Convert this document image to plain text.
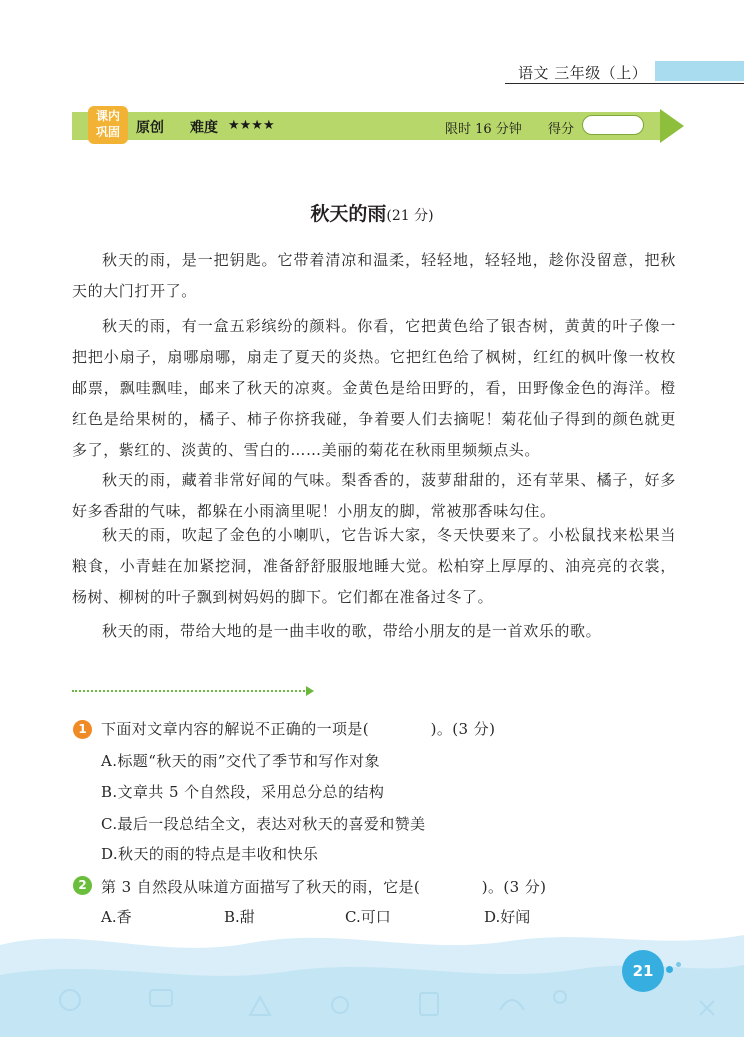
语文 三年级（上）
课内
巩固	原创 难度 ★★★★	限时 16 分钟 得分
秋天的雨(21 分)
秋天的雨，是一把钥匙。它带着清凉和温柔，轻轻地，轻轻地，趁你没留意，把秋天的大门打开了。
秋天的雨，有一盒五彩缤纷的颜料。你看，它把黄色给了银杏树，黄黄的叶子像一把把小扇子，扇哪扇哪，扇走了夏天的炎热。它把红色给了枫树，红红的枫叶像一枚枚邮票，飘哇飘哇，邮来了秋天的凉爽。金黄色是给田野的，看，田野像金色的海洋。橙红色是给果树的，橘子、柿子你挤我碰，争着要人们去摘呢！菊花仙子得到的颜色就更多了，紫红的、淡黄的、雪白的……美丽的菊花在秋雨里频频点头。
秋天的雨，藏着非常好闻的气味。梨香香的，菠萝甜甜的，还有苹果、橘子，好多好多香甜的气味，都躲在小雨滴里呢！小朋友的脚，常被那香味勾住。
秋天的雨，吹起了金色的小喇叭，它告诉大家，冬天快要来了。小松鼠找来松果当粮食，小青蛙在加紧挖洞，准备舒舒服服地睡大觉。松柏穿上厚厚的、油亮亮的衣裳，杨树、柳树的叶子飘到树妈妈的脚下。它们都在准备过冬了。
秋天的雨，带给大地的是一曲丰收的歌，带给小朋友的是一首欢乐的歌。
1 下面对文章内容的解说不正确的一项是(　　　　)。(3 分)
A.标题“秋天的雨”交代了季节和写作对象
B.文章共 5 个自然段，采用总分总的结构
C.最后一段总结全文，表达对秋天的喜爱和赞美
D.秋天的雨的特点是丰收和快乐
2 第 3 自然段从味道方面描写了秋天的雨，它是(　　　　)。(3 分)
A.香	B.甜	C.可口	D.好闻
21
